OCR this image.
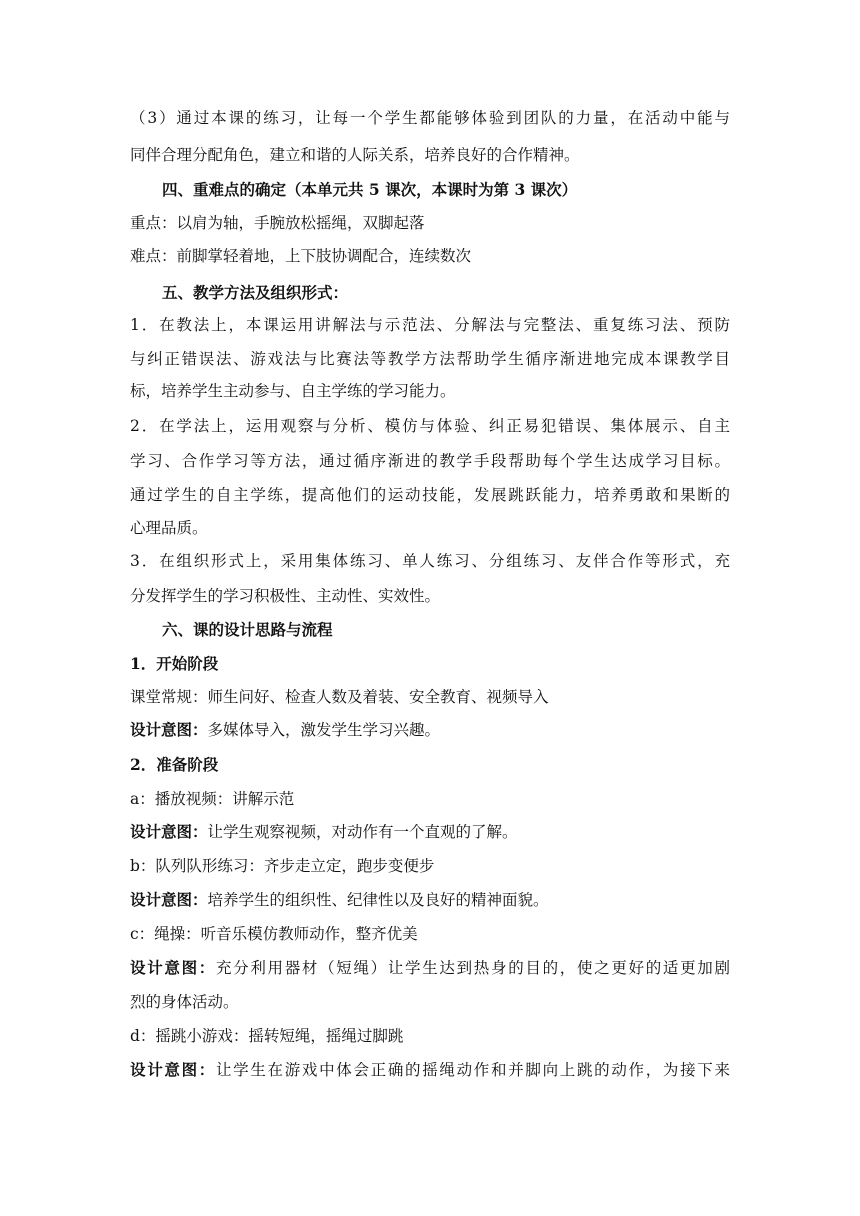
（3）通过本课的练习，让每一个学生都能够体验到团队的力量，在活动中能与
同伴合理分配角色，建立和谐的人际关系，培养良好的合作精神。
四、重难点的确定（本单元共 5 课次，本课时为第 3 课次）
重点：以肩为轴，手腕放松摇绳，双脚起落
难点：前脚掌轻着地，上下肢协调配合，连续数次
五、教学方法及组织形式：
1．在教法上，本课运用讲解法与示范法、分解法与完整法、重复练习法、预防
与纠正错误法、游戏法与比赛法等教学方法帮助学生循序渐进地完成本课教学目
标，培养学生主动参与、自主学练的学习能力。
2．在学法上，运用观察与分析、模仿与体验、纠正易犯错误、集体展示、自主
学习、合作学习等方法，通过循序渐进的教学手段帮助每个学生达成学习目标。
通过学生的自主学练，提高他们的运动技能，发展跳跃能力，培养勇敢和果断的
心理品质。
3．在组织形式上，采用集体练习、单人练习、分组练习、友伴合作等形式，充
分发挥学生的学习积极性、主动性、实效性。
六、课的设计思路与流程
1．开始阶段
课堂常规：师生问好、检查人数及着装、安全教育、视频导入
设计意图：多媒体导入，激发学生学习兴趣。
2．准备阶段
a：播放视频：讲解示范
设计意图：让学生观察视频，对动作有一个直观的了解。
b：队列队形练习：齐步走立定，跑步变便步
设计意图：培养学生的组织性、纪律性以及良好的精神面貌。
c：绳操：听音乐模仿教师动作，整齐优美
设计意图：充分利用器材（短绳）让学生达到热身的目的，使之更好的适更加剧
烈的身体活动。
d：摇跳小游戏：摇转短绳，摇绳过脚跳
设计意图：让学生在游戏中体会正确的摇绳动作和并脚向上跳的动作，为接下来
